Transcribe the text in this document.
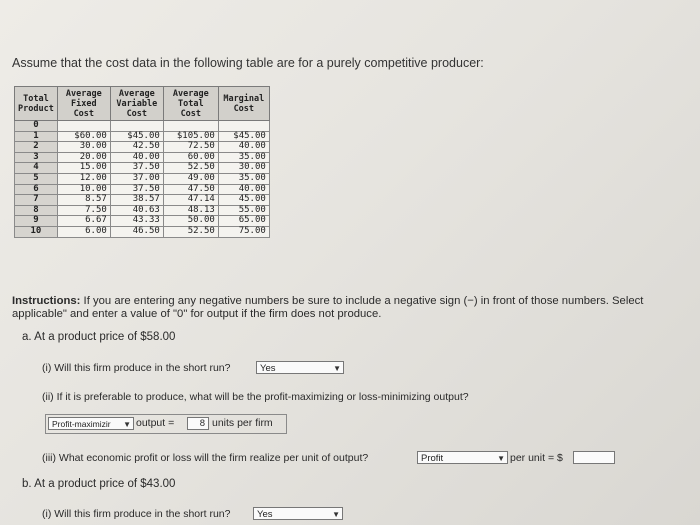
Assume that the cost data in the following table are for a purely competitive producer:
Total Product	Average Fixed Cost	Average Variable Cost	Average Total Cost	Marginal Cost
0				
1	$60.00	$45.00	$105.00	$45.00
2	30.00	42.50	72.50	40.00
3	20.00	40.00	60.00	35.00
4	15.00	37.50	52.50	30.00
5	12.00	37.00	49.00	35.00
6	10.00	37.50	47.50	40.00
7	8.57	38.57	47.14	45.00
8	7.50	40.63	48.13	55.00
9	6.67	43.33	50.00	65.00
10	6.00	46.50	52.50	75.00
Instructions: If you are entering any negative numbers be sure to include a negative sign (−) in front of those numbers. Select
applicable" and enter a value of "0" for output if the firm does not produce.
a. At a product price of $58.00
(i) Will this firm produce in the short run?	Yes	▼
(ii) If it is preferable to produce, what will be the profit-maximizing or loss-minimizing output?
Profit-maximizir ▼ output =	8 units per firm
(iii) What economic profit or loss will the firm realize per unit of output?	Profit	▼ per unit = $
b. At a product price of $43.00
(i) Will this firm produce in the short run?	Yes	▼
